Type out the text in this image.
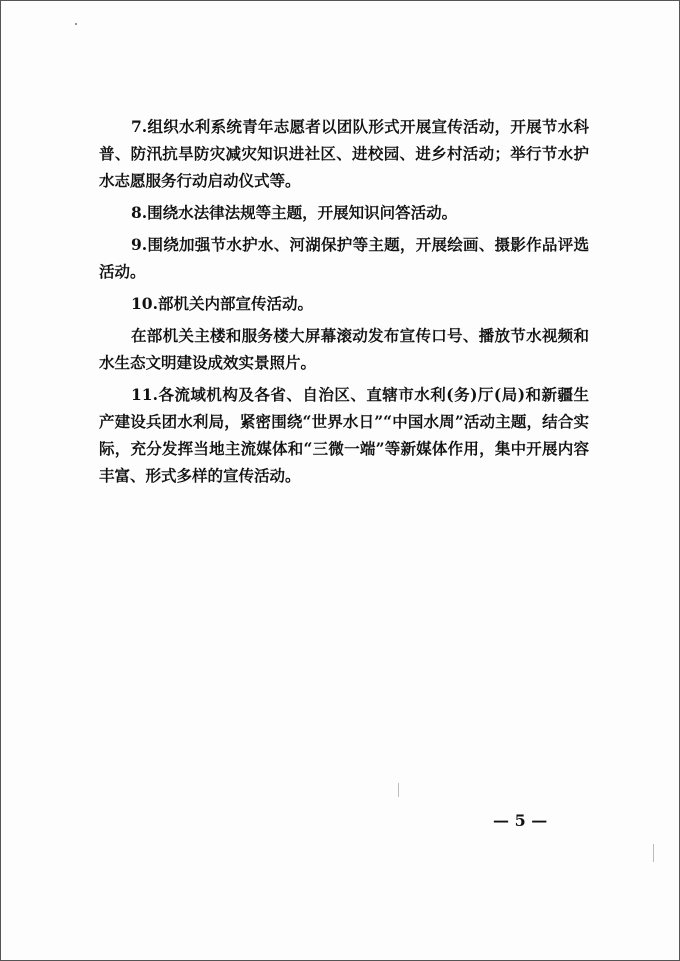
7.组织水利系统青年志愿者以团队形式开展宣传活动，开展节水科普、防汛抗旱防灾减灾知识进社区、进校园、进乡村活动；举行节水护水志愿服务行动启动仪式等。

8.围绕水法律法规等主题，开展知识问答活动。

9.围绕加强节水护水、河湖保护等主题，开展绘画、摄影作品评选活动。

10.部机关内部宣传活动。

在部机关主楼和服务楼大屏幕滚动发布宣传口号、播放节水视频和水生态文明建设成效实景照片。

11.各流域机构及各省、自治区、直辖市水利(务)厅(局)和新疆生产建设兵团水利局，紧密围绕“世界水日”“中国水周”活动主题，结合实际，充分发挥当地主流媒体和“三微一端”等新媒体作用，集中开展内容丰富、形式多样的宣传活动。

— 5 —
